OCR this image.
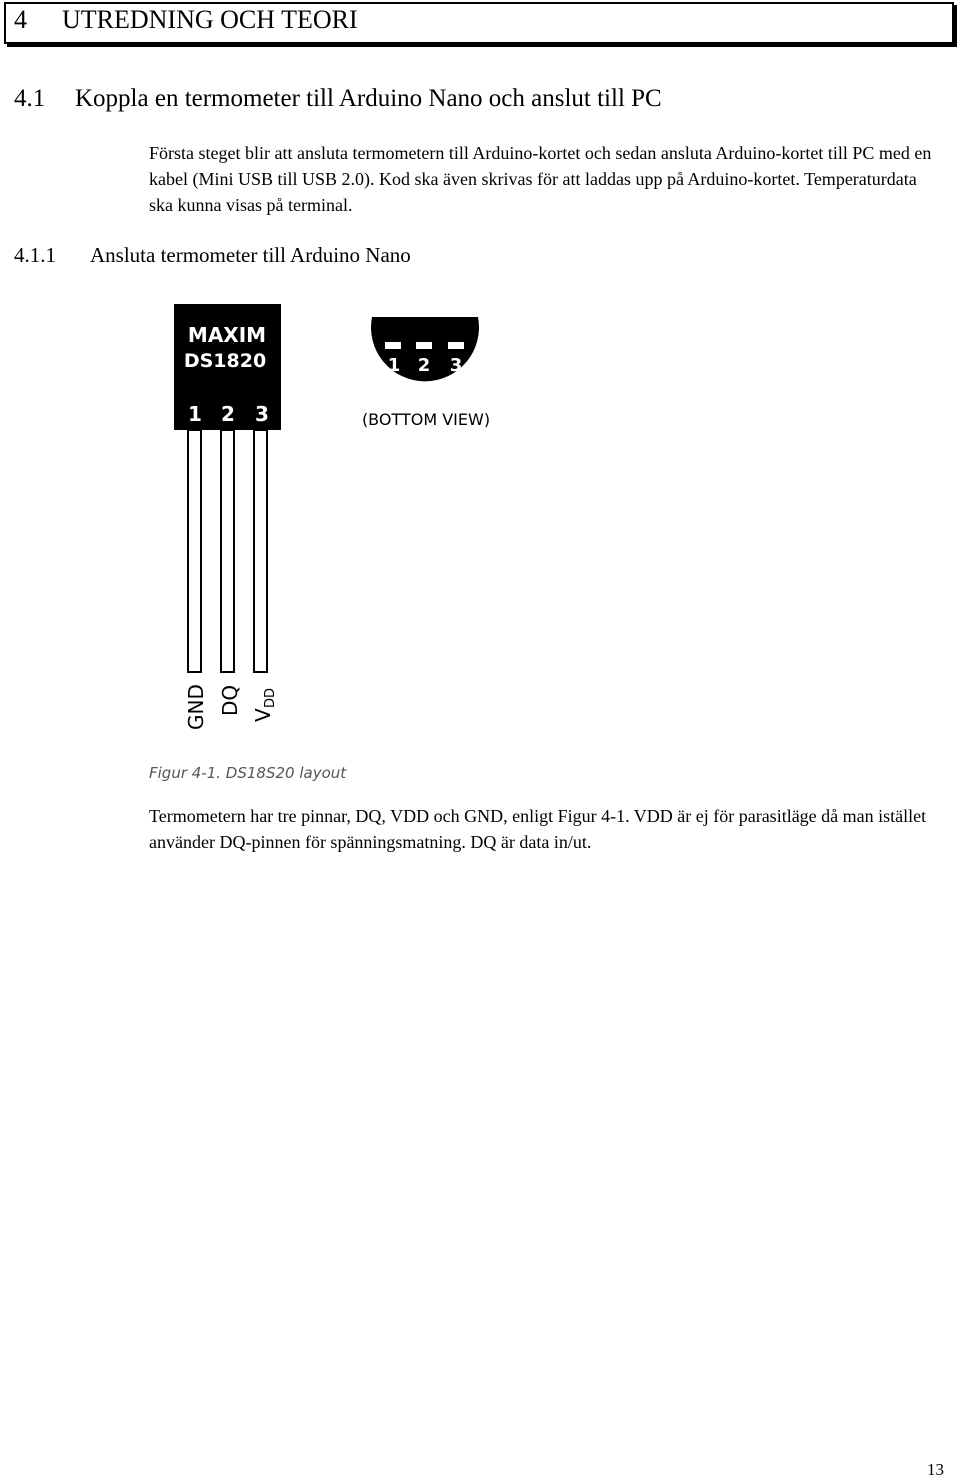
4 UTREDNING OCH TEORI
4.1 Koppla en termometer till Arduino Nano och anslut till PC

Första steget blir att ansluta termometern till Arduino-kortet och sedan ansluta Arduino-kortet till PC med en kabel (Mini USB till USB 2.0). Kod ska även skrivas för att laddas upp på Arduino-kortet. Temperaturdata ska kunna visas på terminal.

4.1.1 Ansluta termometer till Arduino Nano
MAXIM
DS1820
1 2 3
GND DQ V
DD
1 2 3
(BOTTOM VIEW)
Figur 4-1. DS18S20 layout

Termometern har tre pinnar, DQ, VDD och GND, enligt Figur 4-1. VDD är ej för parasitläge då man istället använder DQ-pinnen för spänningsmatning. DQ är data in/ut.

13
